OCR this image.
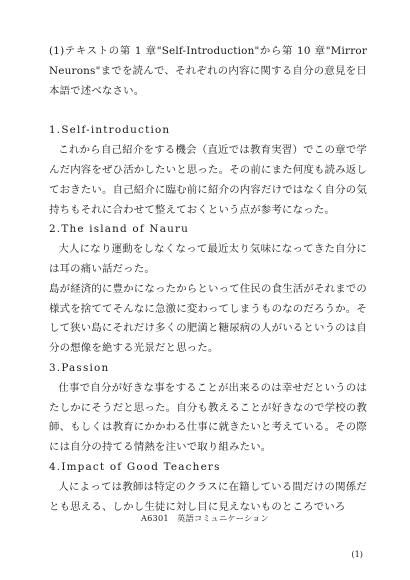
(1)テキストの第 1 章"Self-Introduction"から第 10 章"Mirror Neurons"までを読んで、それぞれの内容に関する自分の意見を日本語で述べなさい。

1.Self-introduction

これから自己紹介をする機会（直近では教育実習）でこの章で学んだ内容をぜひ活かしたいと思った。その前にまた何度も読み返しておきたい。自己紹介に臨む前に紹介の内容だけではなく自分の気持ちもそれに合わせて整えておくという点が参考になった。

2.The island of Nauru

大人になり運動をしなくなって最近太り気味になってきた自分には耳の痛い話だった。

島が経済的に豊かになったからといって住民の食生活がそれまでの様式を捨ててそんなに急激に変わってしまうものなのだろうか。そして狭い島にそれだけ多くの肥満と糖尿病の人がいるというのは自分の想像を絶する光景だと思った。

3.Passion

仕事で自分が好きな事をすることが出来るのは幸せだというのはたしかにそうだと思った。自分も教えることが好きなので学校の教師、もしくは教育にかかわる仕事に就きたいと考えている。その際には自分の持てる情熱を注いで取り組みたい。

4.Impact of Good Teachers

人によっては教師は特定のクラスに在籍している間だけの関係だとも思える、しかし生徒に対し目に見えないものところでいろ

A6301　英語コミュニケーション
(1)
